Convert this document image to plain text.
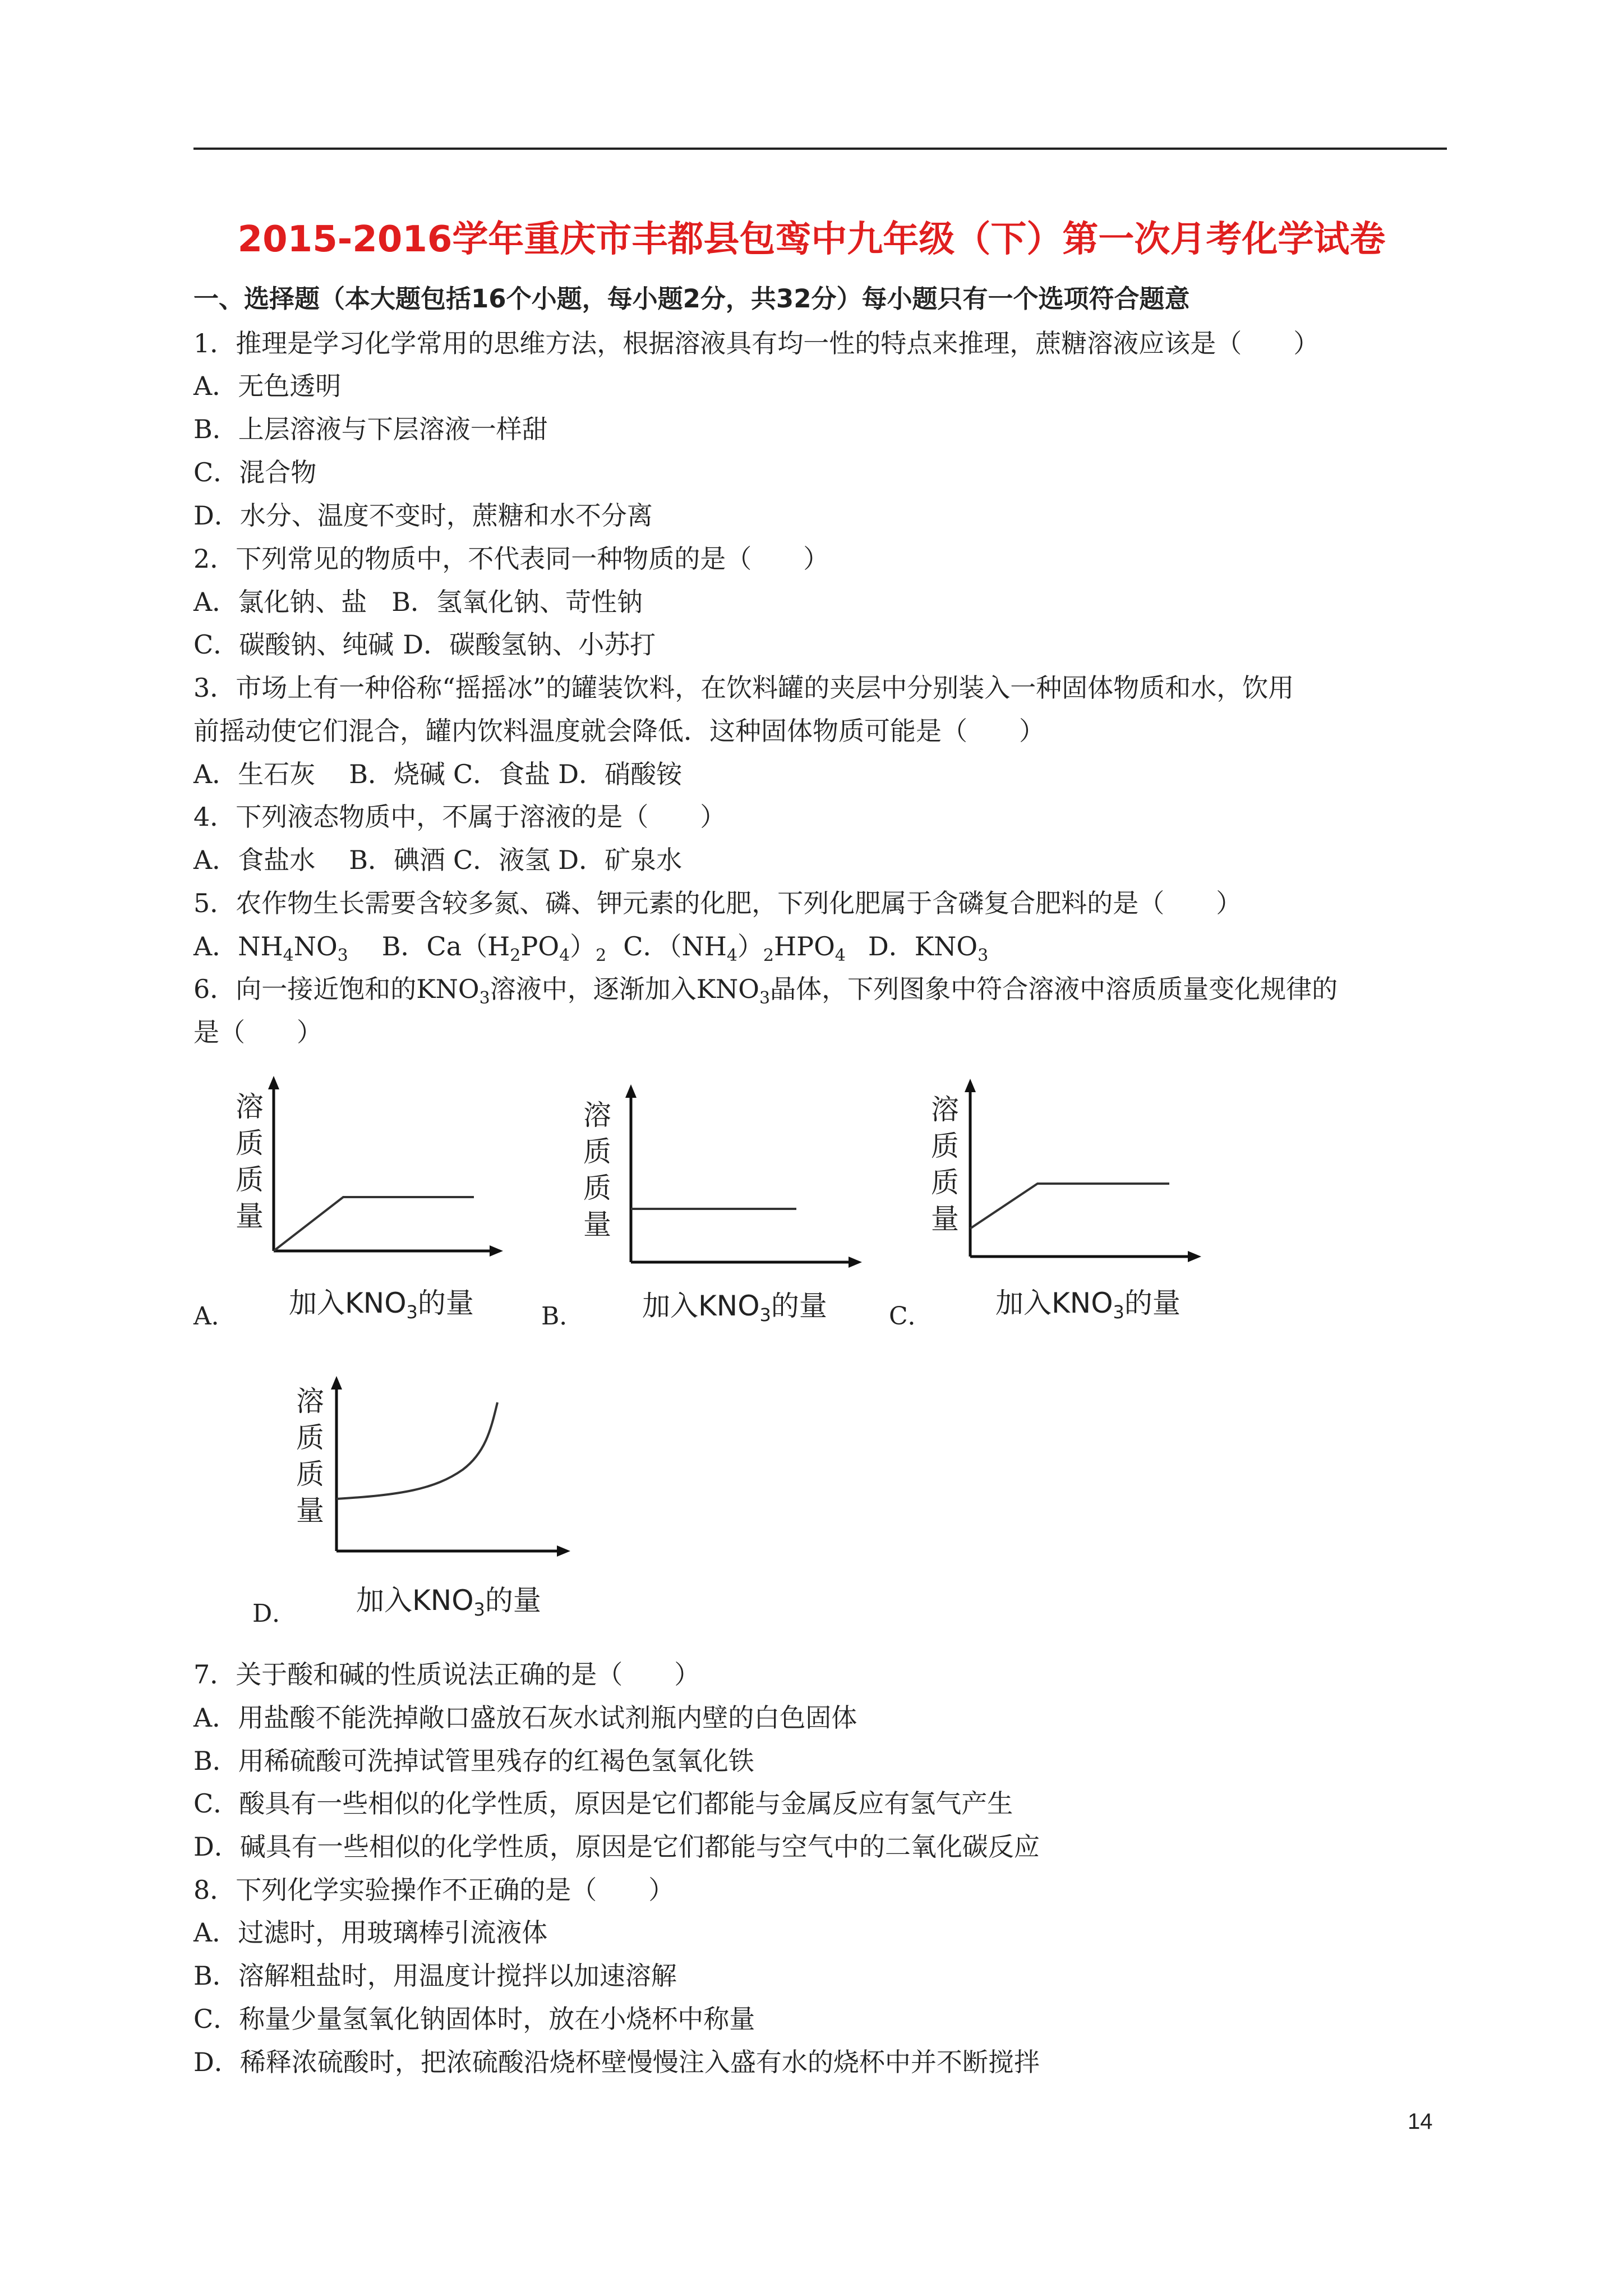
2015-2016学年重庆市丰都县包鸾中九年级（下）第一次月考化学试卷
一、选择题（本大题包括16个小题，每小题2分，共32分）每小题只有一个选项符合题意
1．推理是学习化学常用的思维方法，根据溶液具有均一性的特点来推理，蔗糖溶液应该是（　　）
A．无色透明
B．上层溶液与下层溶液一样甜
C．混合物
D．水分、温度不变时，蔗糖和水不分离
2．下列常见的物质中，不代表同一种物质的是（　　）
A．氯化钠、盐 B．氢氧化钠、苛性钠
C．碳酸钠、纯碱 D．碳酸氢钠、小苏打
3．市场上有一种俗称“摇摇冰”的罐装饮料，在饮料罐的夹层中分别装入一种固体物质和水，饮用
前摇动使它们混合，罐内饮料温度就会降低．这种固体物质可能是（　　）
A．生石灰 B．烧碱 C．食盐 D．硝酸铵
4．下列液态物质中，不属于溶液的是（　　）
A．食盐水 B．碘酒 C．液氢 D．矿泉水
5．农作物生长需要含较多氮、磷、钾元素的化肥，下列化肥属于含磷复合肥料的是（　　）
A．$NH_4NO_3$ B．$Ca(H_2PO_4)_2$ C．$(NH_4)_2HPO_4$ D．$KNO_3$
6．向一接近饱和的$KNO_3$溶液中，逐渐加入$KNO_3$晶体，下列图象中符合溶液中溶质质量变化规律的
是（　　）
溶
质
质
量
加入$KNO_3$的量
A．
溶
质
质
量
加入$KNO_3$的量
B．
溶
质
质
量
加入$KNO_3$的量
C．
溶
质
质
量
加入$KNO_3$的量
D．
7．关于酸和碱的性质说法正确的是（　　）
A．用盐酸不能洗掉敞口盛放石灰水试剂瓶内壁的白色固体
B．用稀硫酸可洗掉试管里残存的红褐色氢氧化铁
C．酸具有一些相似的化学性质，原因是它们都能与金属反应有氢气产生
D．碱具有一些相似的化学性质，原因是它们都能与空气中的二氧化碳反应
8．下列化学实验操作不正确的是（　　）
A．过滤时，用玻璃棒引流液体
B．溶解粗盐时，用温度计搅拌以加速溶解
C．称量少量氢氧化钠固体时，放在小烧杯中称量
D．稀释浓硫酸时，把浓硫酸沿烧杯壁慢慢注入盛有水的烧杯中并不断搅拌
14
